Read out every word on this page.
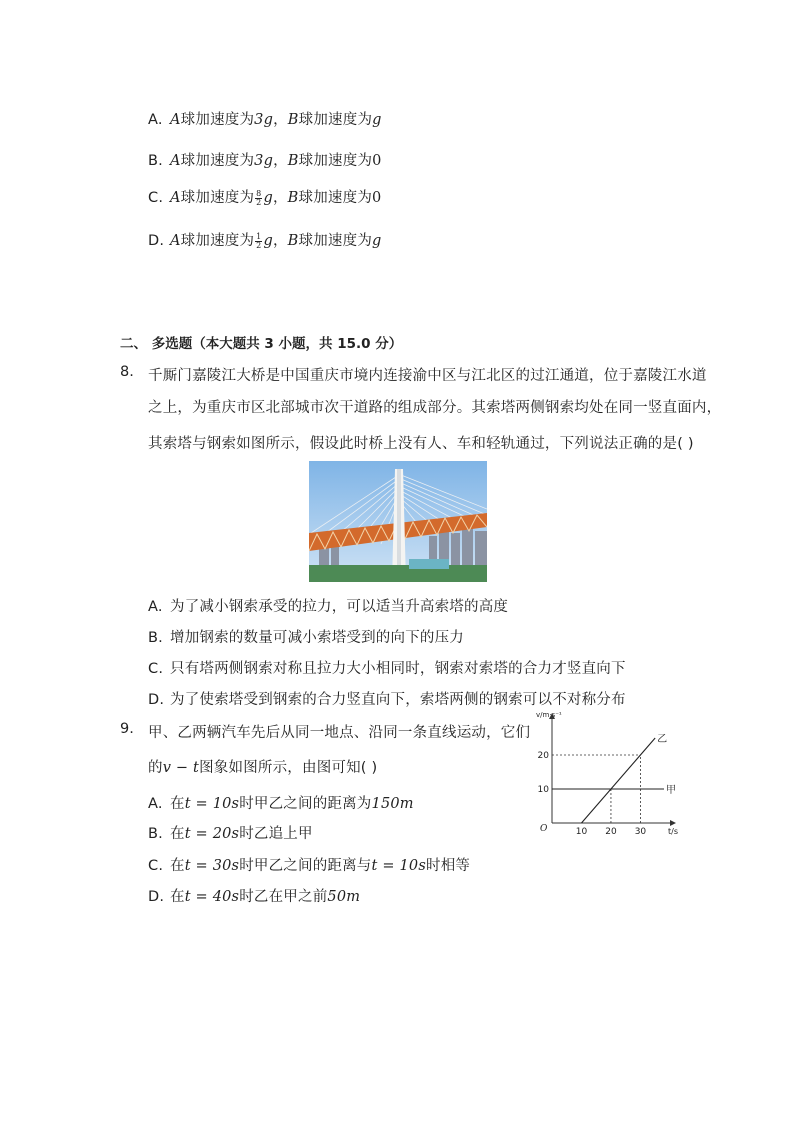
A. A球加速度为3g，B球加速度为g
B. A球加速度为3g，B球加速度为0
C. A球加速度为 $\frac{8}{2}$ g，B球加速度为0
D. A球加速度为 $\frac{1}{2}$ g，B球加速度为g
二、 多选题（本大题共 3 小题，共 15.0 分）
8. 千厮门嘉陵江大桥是中国重庆市境内连接渝中区与江北区的过江通道，位于嘉陵江水道
之上，为重庆市区北部城市次干道路的组成部分。其索塔两侧钢索均处在同一竖直面内，
其索塔与钢索如图所示，假设此时桥上没有人、车和轻轨通过，下列说法正确的是( )
A. 为了减小钢索承受的拉力，可以适当升高索塔的高度
B. 增加钢索的数量可减小索塔受到的向下的压力
C. 只有塔两侧钢索对称且拉力大小相同时，钢索对索塔的合力才竖直向下
D. 为了使索塔受到钢索的合力竖直向下，索塔两侧的钢索可以不对称分布
9. 甲、乙两辆汽车先后从同一地点、沿同一条直线运动，它们
的v − t图象如图所示，由图可知( )
A. 在t = 10s时甲乙之间的距离为150m
B. 在t = 20s时乙追上甲
C. 在t = 30s时甲乙之间的距离与t = 10s时相等
D. 在t = 40s时乙在甲之前50m
甲
乙
10 20 30
10
20
O	t/s
v/m·s⁻¹
